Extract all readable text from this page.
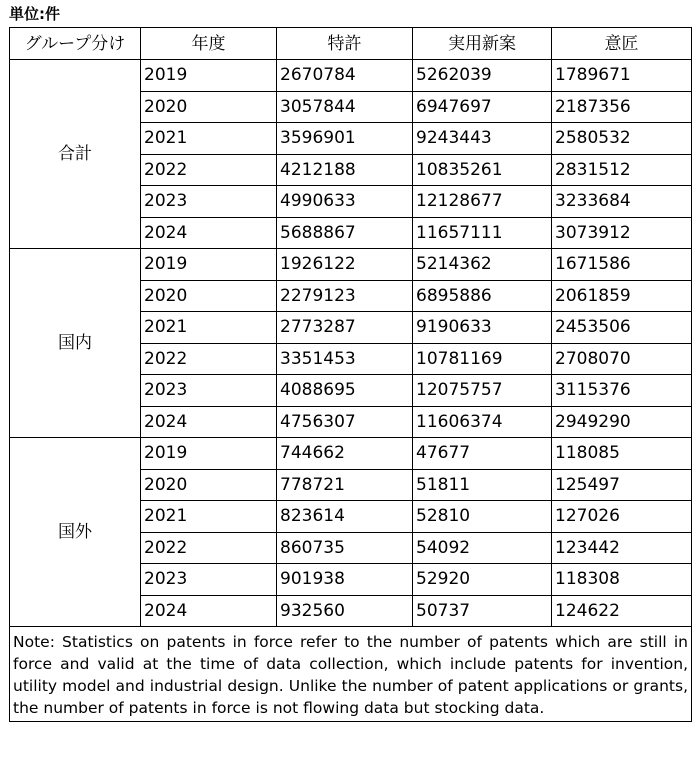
単位:件
グループ分け	年度	特許	実用新案	意匠
合計	2019	2670784	5262039	1789671
	2020	3057844	6947697	2187356
	2021	3596901	9243443	2580532
	2022	4212188	10835261	2831512
	2023	4990633	12128677	3233684
	2024	5688867	11657111	3073912
国内	2019	1926122	5214362	1671586
	2020	2279123	6895886	2061859
	2021	2773287	9190633	2453506
	2022	3351453	10781169	2708070
	2023	4088695	12075757	3115376
	2024	4756307	11606374	2949290
国外	2019	744662	47677	118085
	2020	778721	51811	125497
	2021	823614	52810	127026
	2022	860735	54092	123442
	2023	901938	52920	118308
	2024	932560	50737	124622
Note: Statistics on patents in force refer to the number of patents which are still in force and valid at the time of data collection, which include patents for invention, utility model and industrial design. Unlike the number of patent applications or grants, the number of patents in force is not flowing data but stocking data.				
